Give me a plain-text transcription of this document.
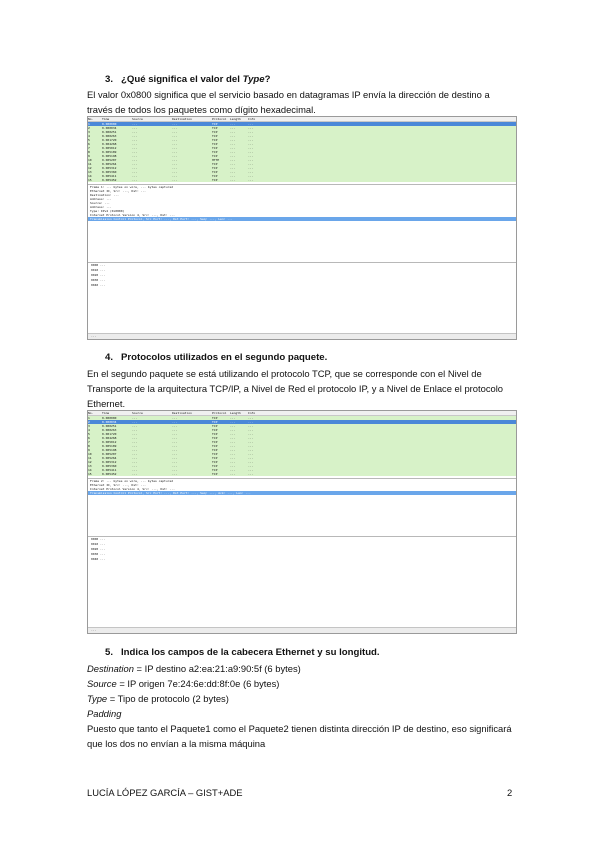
3. ¿Qué significa el valor del Type?
El valor 0x0800 significa que el servicio basado en datagramas IP envía la dirección de destino a través de todos los paquetes como dígito hexadecimal.
No.	Time	Source	Destination	Protocol Length Info
1	0.000000	...	...	TCP	...	...
2	0.000034	...	...	TCP	...	...
3	0.000251	...	...	TCP	...	...
4	0.000263	...	...	TCP	...	...
5	0.001720	...	...	TCP	...	...
6	0.004268	...	...	TCP	...	...
7	0.005012	...	...	TCP	...	...
8	0.005189	...	...	TCP	...	...
9	0.005198	...	...	TCP	...	...
10	0.005207	...	...	HTTP	...	...
11	0.005264	...	...	TCP	...	...
12	0.005312	...	...	TCP	...	...
13	0.005360	...	...	TCP	...	...
14	0.005411	...	...	TCP	...	...
15	0.005452	...	...	TCP	...	...
Frame 1: ... bytes on wire, ... bytes captured
Ethernet II, Src: ..., Dst: ...
Destination: ...
Address: ...
Source: ...
Address: ...
Type: IPv4 (0x0800)
Internet Protocol Version 4, Src: ..., Dst: ...
Transmission Control Protocol, Src Port: ..., Dst Port: ..., Seq: ..., Len: ...
0000 ...
0010 ...
0020 ...
0030 ...
0040 ...
...
4. Protocolos utilizados en el segundo paquete.
En el segundo paquete se está utilizando el protocolo TCP, que se corresponde con el Nivel de Transporte de la arquitectura TCP/IP, a Nivel de Red el protocolo IP, y a Nivel de Enlace el protocolo Ethernet.
No.	Time	Source	Destination	Protocol Length Info
1	0.000000	...	...	TCP	...	...
2	0.000034	...	...	TCP	...	...
3	0.000251	...	...	TCP	...	...
4	0.000263	...	...	TCP	...	...
5	0.001720	...	...	TCP	...	...
6	0.004268	...	...	TCP	...	...
7	0.005012	...	...	TCP	...	...
8	0.005189	...	...	TCP	...	...
9	0.005198	...	...	TCP	...	...
10	0.005207	...	...	TCP	...	...
11	0.005264	...	...	TCP	...	...
12	0.005312	...	...	TCP	...	...
13	0.005360	...	...	TCP	...	...
14	0.005411	...	...	TCP	...	...
15	0.005452	...	...	TCP	...	...
Frame 2: ... bytes on wire, ... bytes captured
Ethernet II, Src: ..., Dst: ...
Internet Protocol Version 4, Src: ..., Dst: ...
Transmission Control Protocol, Src Port: ..., Dst Port: ..., Seq: ..., Ack: ..., Len: ...
0000 ...
0010 ...
0020 ...
0030 ...
0040 ...
...
5. Indica los campos de la cabecera Ethernet y su longitud.
Destination = IP destino a2:ea:21:a9:90:5f (6 bytes)
Source = IP origen 7e:24:6e:dd:8f:0e (6 bytes)
Type = Tipo de protocolo (2 bytes)
Padding
Puesto que tanto el Paquete1 como el Paquete2 tienen distinta dirección IP de destino, eso significará que los dos no envían a la misma máquina
LUCÍA LÓPEZ GARCÍA – GIST+ADE	2
